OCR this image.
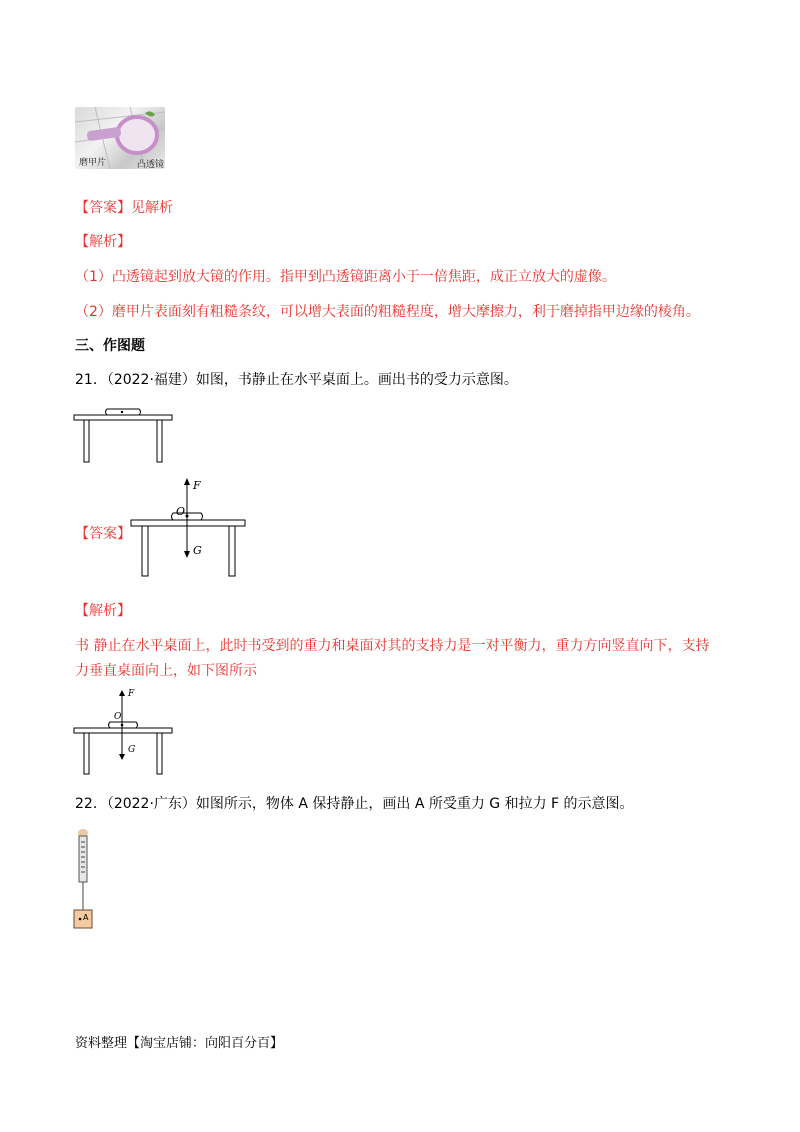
磨甲片	凸透镜
【答案】见解析
【解析】
（1）凸透镜起到放大镜的作用。指甲到凸透镜距离小于一倍焦距，成正立放大的虚像。
（2）磨甲片表面刻有粗糙条纹，可以增大表面的粗糙程度，增大摩擦力，利于磨掉指甲边缘的棱角。
三、作图题
21．（2022·福建）如图，书静止在水平桌面上。画出书的受力示意图。
【答案】
F
O
G
【解析】
书 静止在水平桌面上，此时书受到的重力和桌面对其的支持力是一对平衡力，重力方向竖直向下，支持
力垂直桌面向上，如下图所示
F
O
G
22．（2022·广东）如图所示，物体 A 保持静止，画出 A 所受重力 G 和拉力 F 的示意图。
A
资料整理【淘宝店铺：向阳百分百】
